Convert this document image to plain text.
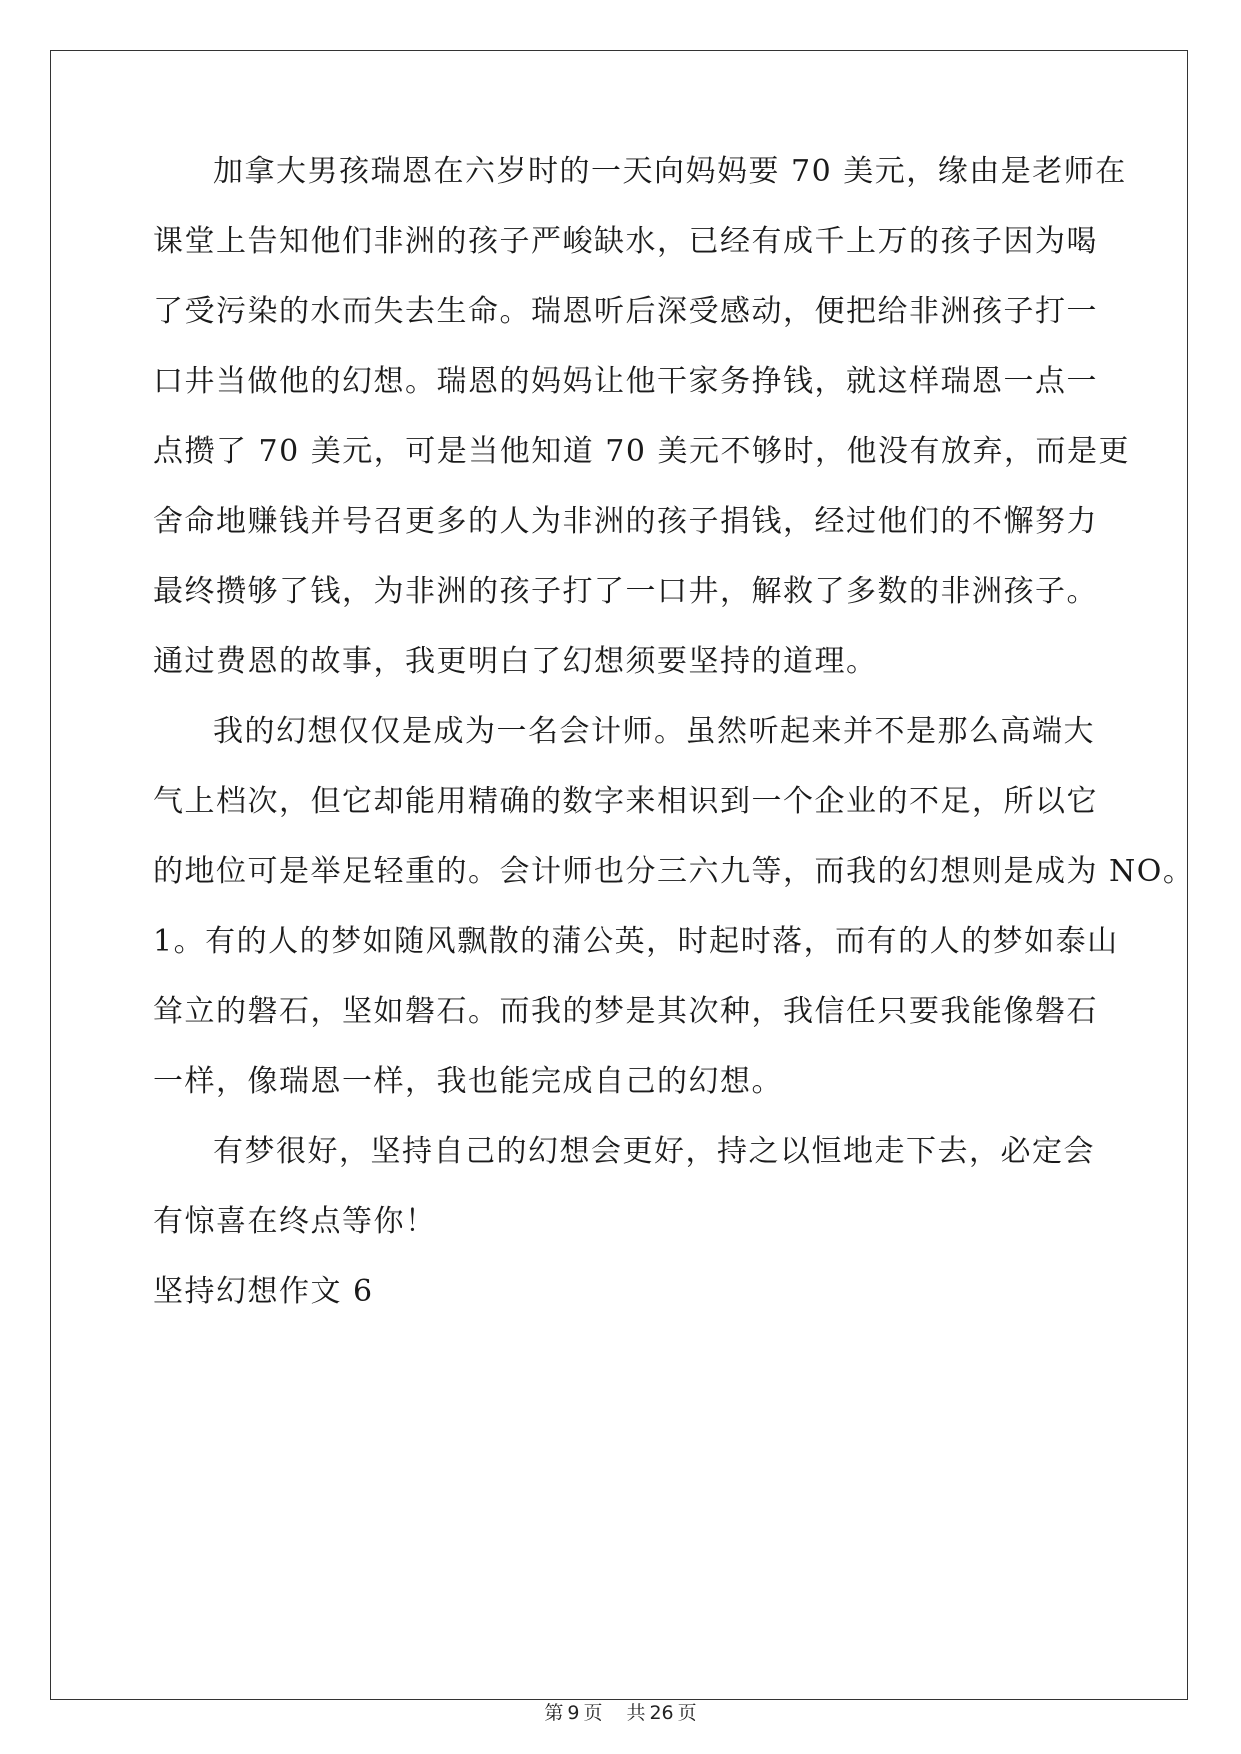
加拿大男孩瑞恩在六岁时的一天向妈妈要 70 美元，缘由是老师在
课堂上告知他们非洲的孩子严峻缺水，已经有成千上万的孩子因为喝
了受污染的水而失去生命。瑞恩听后深受感动，便把给非洲孩子打一
口井当做他的幻想。瑞恩的妈妈让他干家务挣钱，就这样瑞恩一点一
点攒了 70 美元，可是当他知道 70 美元不够时，他没有放弃，而是更
舍命地赚钱并号召更多的人为非洲的孩子捐钱，经过他们的不懈努力
最终攒够了钱，为非洲的孩子打了一口井，解救了多数的非洲孩子。
通过费恩的故事，我更明白了幻想须要坚持的道理。
我的幻想仅仅是成为一名会计师。虽然听起来并不是那么高端大
气上档次，但它却能用精确的数字来相识到一个企业的不足，所以它
的地位可是举足轻重的。会计师也分三六九等，而我的幻想则是成为 NO。
1。有的人的梦如随风飘散的蒲公英，时起时落，而有的人的梦如泰山
耸立的磐石，坚如磐石。而我的梦是其次种，我信任只要我能像磐石
一样，像瑞恩一样，我也能完成自己的幻想。
有梦很好，坚持自己的幻想会更好，持之以恒地走下去，必定会
有惊喜在终点等你！
坚持幻想作文 6
第 9 页 共 26 页
